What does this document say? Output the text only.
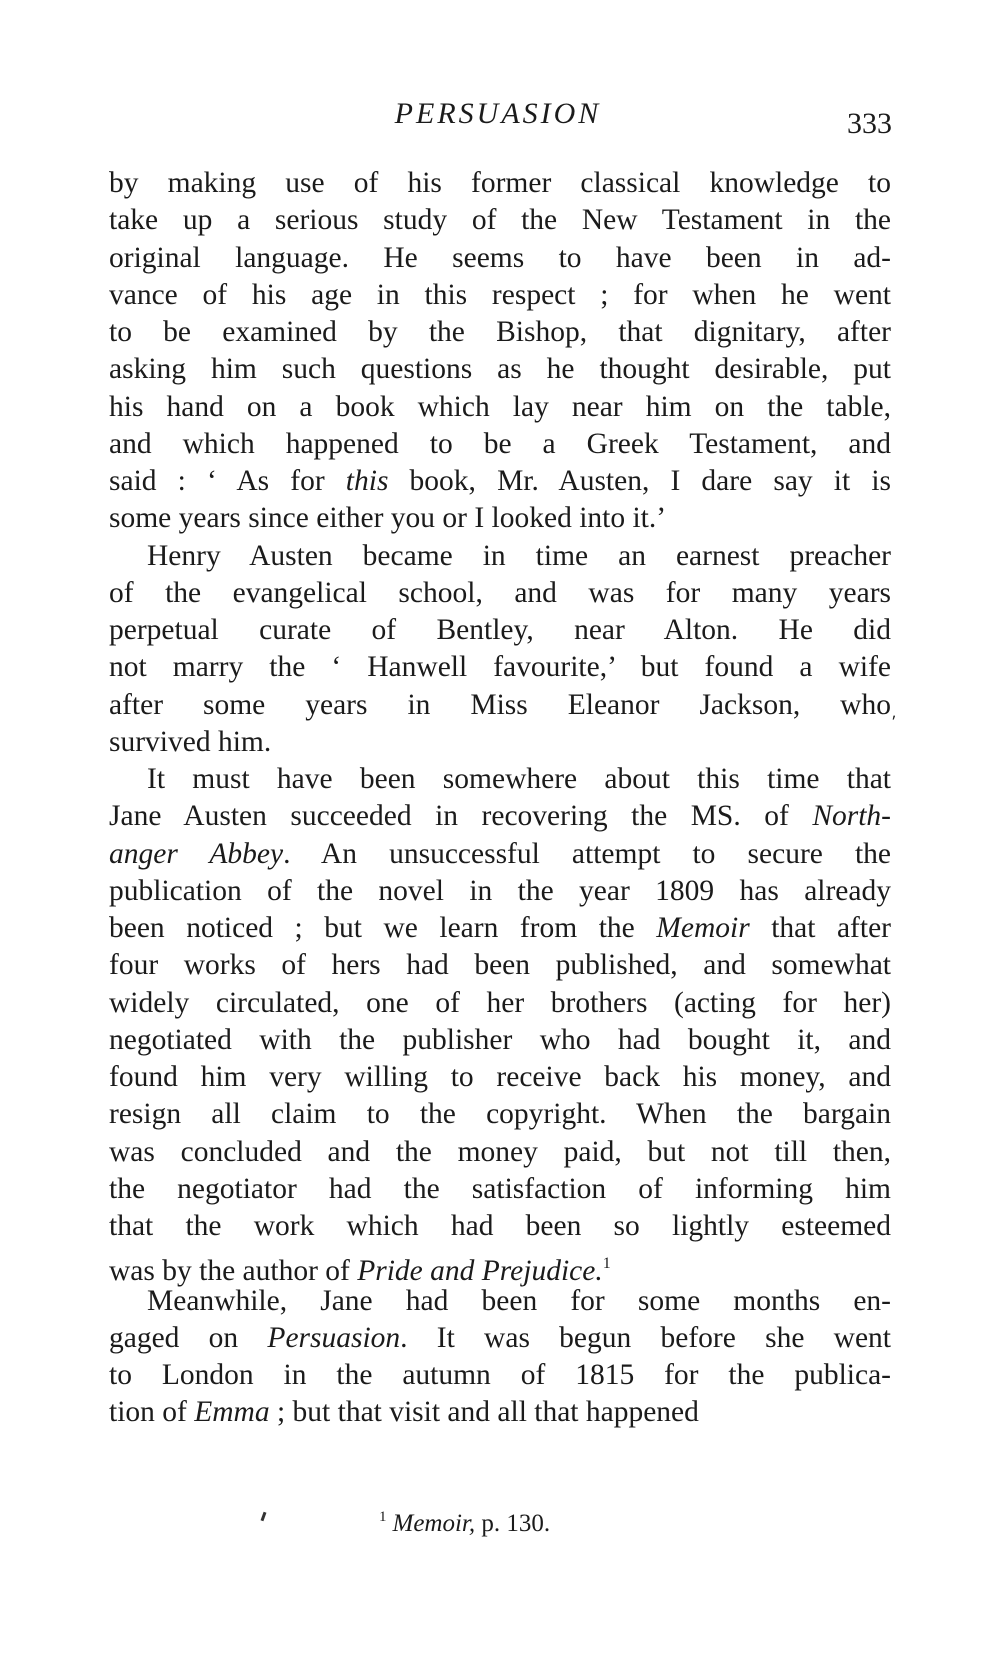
PERSUASION	333
by making use of his former classical knowledge to
take up a serious study of the New Testament in the
original language. He seems to have been in ad-
vance of his age in this respect ; for when he went
to be examined by the Bishop, that dignitary, after
asking him such questions as he thought desirable, put
his hand on a book which lay near him on the table,
and which happened to be a Greek Testament, and
said : ‘ As for this book, Mr. Austen, I dare say it is
some years since either you or I looked into it.’
Henry Austen became in time an earnest preacher
of the evangelical school, and was for many years
perpetual curate of Bentley, near Alton. He did
not marry the ‘ Hanwell favourite,’ but found a wife
after some years in Miss Eleanor Jackson, who
survived him.
It must have been somewhere about this time that
Jane Austen succeeded in recovering the MS. of North-
anger Abbey. An unsuccessful attempt to secure the
publication of the novel in the year 1809 has already
been noticed ; but we learn from the Memoir that after
four works of hers had been published, and somewhat
widely circulated, one of her brothers (acting for her)
negotiated with the publisher who had bought it, and
found him very willing to receive back his money, and
resign all claim to the copyright. When the bargain
was concluded and the money paid, but not till then,
the negotiator had the satisfaction of informing him
that the work which had been so lightly esteemed
was by the author of Pride and Prejudice.$^1$
Meanwhile, Jane had been for some months en-
gaged on Persuasion. It was begun before she went
to London in the autumn of 1815 for the publica-
tion of Emma ; but that visit and all that happened
⸴
$^1$ Memoir, p. 130.
